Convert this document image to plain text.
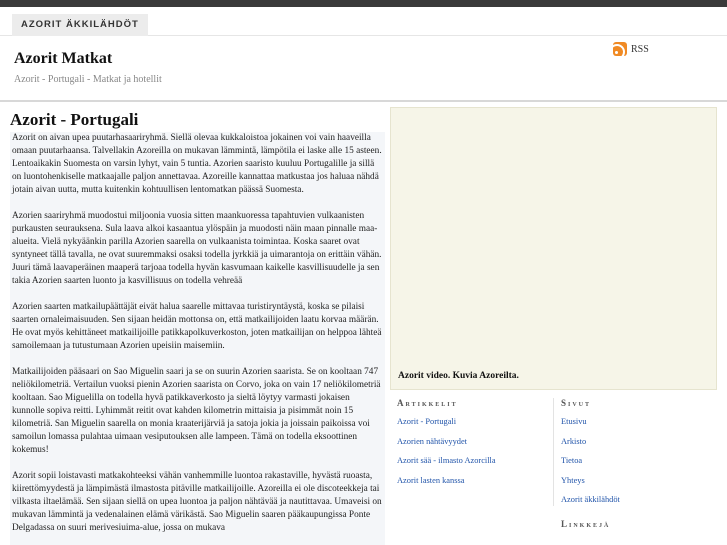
AZORIT ÄKKILÄHDÖT
Azorit Matkat
Azorit - Portugali - Matkat ja hotellit
RSS
Azorit - Portugali

Azorit on aivan upea puutarhasaariryhmä. Siellä olevaa kukkaloistoa jokainen voi vain haaveilla omaan puutarhaansa. Talvellakin Azoreilla on mukavan lämmintä, lämpötila ei laske alle 15 asteen. Lentoaikakin Suomesta on varsin lyhyt, vain 5 tuntia. Azorien saaristo kuuluu Portugalille ja sillä on luontohenkiselle matkaajalle paljon annettavaa. Azoreille kannattaa matkustaa jos haluaa nähdä jotain aivan uutta, mutta kuitenkin kohtuullisen lentomatkan päässä Suomesta.

Azorien saariryhmä muodostui miljoonia vuosia sitten maankuoressa tapahtuvien vulkaanisten purkausten seurauksena. Sula laava alkoi kasaantua ylöspäin ja muodosti näin maan pinnalle maa-alueita. Vielä nykyäänkin parilla Azorien saarella on vulkaanista toimintaa. Koska saaret ovat syntyneet tällä tavalla, ne ovat suuremmaksi osaksi todella jyrkkiä ja uimarantoja on erittäin vähän. Juuri tämä laavaperäinen maaperä tarjoaa todella hyvän kasvumaan kaikelle kasvillisuudelle ja sen takia Azorien saarten luonto ja kasvillisuus on todella vehreää

Azorien saarten matkailupäättäjät eivät halua saarelle mittavaa turistiryntäystä, koska se pilaisi saarten ornaleimaisuuden. Sen sijaan heidän mottonsa on, että matkailijoiden laatu korvaa määrän. He ovat myös kehittäneet matkailijoille patikkapolkuverkoston, joten matkailijan on helppoa lähteä samoilemaan ja tutustumaan Azorien upeisiin maisemiin.

Matkailijoiden pääsaari on Sao Miguelin saari ja se on suurin Azorien saarista. Se on kooltaan 747 neliökilometriä. Vertailun vuoksi pienin Azorien saarista on Corvo, joka on vain 17 neliökilometriä kooltaan. Sao Miguelilla on todella hyvä patikkaverkosto ja sieltä löytyy varmasti jokaisen kunnolle sopiva reitti. Lyhimmät reitit ovat kahden kilometrin mittaisia ja pisimmät noin 15 kilometriä. San Miguelin saarella on monia kraaterijärviä ja satoja jokia ja joissain paikoissa voi samoilun lomassa pulahtaa uimaan vesiputouksen alle lampeen. Tämä on todella eksoottinen kokemus!

Azorit sopii loistavasti matkakohteeksi vähän vanhemmille luontoa rakastaville, hyvästä ruoasta, kiirettömyydestä ja lämpimästä ilmastosta pitäville matkailijoille. Azoreilla ei ole discoteekkeja tai vilkasta iltaelämää. Sen sijaan siellä on upea luontoa ja paljon nähtävää ja nautittavaa. Umaveisi on mukavan lämmintä ja vedenalainen elämä värikästä. Sao Miguelin saaren pääkaupungissa Ponte Delgadassa on suuri merivesiuima-alue, jossa on mukava

Azorit video. Kuvia Azoreilta.
Artikkelit
Azorit - Portugali
Azorien nähtävyydet
Azorit sää - ilmasto Azorcilla
Azorit lasten kanssa
Sivut
Etusivu
Arkisto
Tietoa
Yhteys
Azorit äkkilähdöt
Linkkejä
